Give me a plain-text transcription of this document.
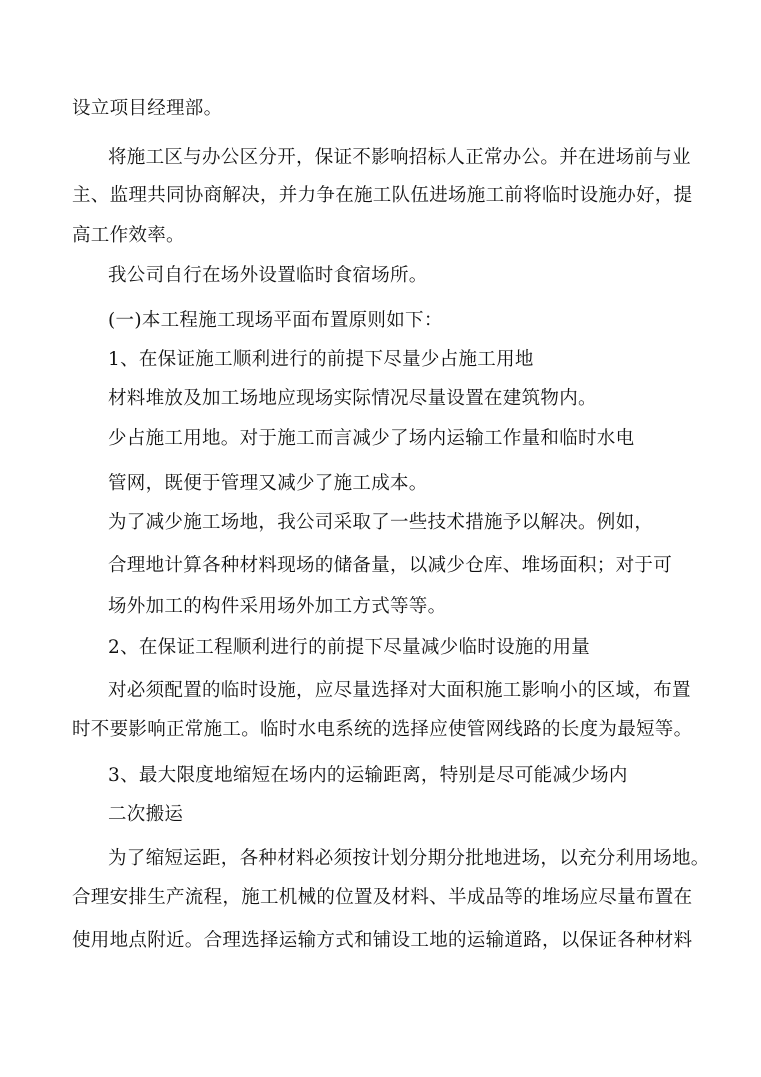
设立项目经理部。
将施工区与办公区分开，保证不影响招标人正常办公。并在进场前与业
主、监理共同协商解决，并力争在施工队伍进场施工前将临时设施办好，提
高工作效率。
我公司自行在场外设置临时食宿场所。
(一)本工程施工现场平面布置原则如下：
1、在保证施工顺利进行的前提下尽量少占施工用地
材料堆放及加工场地应现场实际情况尽量设置在建筑物内。
少占施工用地。对于施工而言减少了场内运输工作量和临时水电
管网，既便于管理又减少了施工成本。
为了减少施工场地，我公司采取了一些技术措施予以解决。例如，
合理地计算各种材料现场的储备量，以减少仓库、堆场面积；对于可
场外加工的构件采用场外加工方式等等。
2、在保证工程顺利进行的前提下尽量减少临时设施的用量
对必须配置的临时设施，应尽量选择对大面积施工影响小的区域，布置
时不要影响正常施工。临时水电系统的选择应使管网线路的长度为最短等。
3、最大限度地缩短在场内的运输距离，特别是尽可能减少场内
二次搬运
为了缩短运距，各种材料必须按计划分期分批地进场，以充分利用场地。
合理安排生产流程，施工机械的位置及材料、半成品等的堆场应尽量布置在
使用地点附近。合理选择运输方式和铺设工地的运输道路，以保证各种材料
